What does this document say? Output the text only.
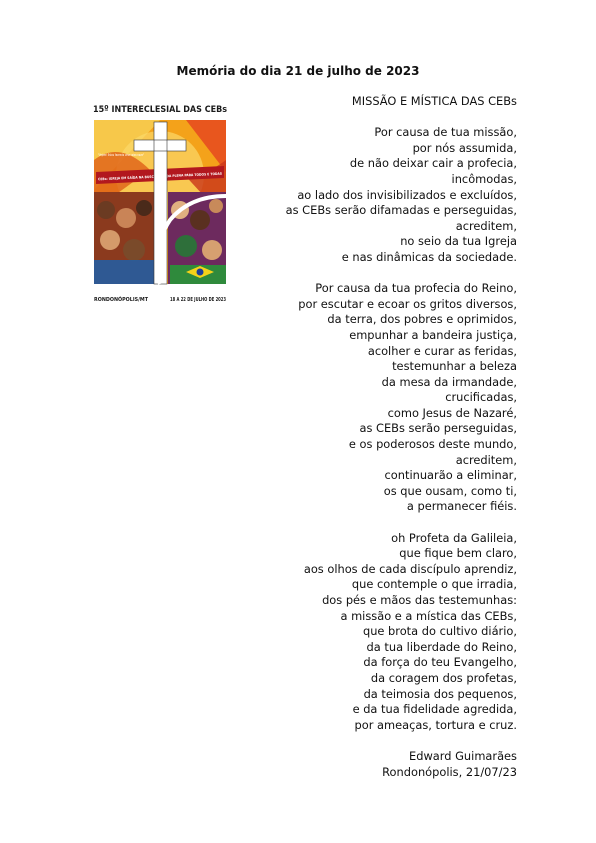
Memória do dia 21 de julho de 2023
15º INTERECLESIAL DAS CEBs
"Vejam! Estou fazendo uma coisa nova"
RONDONÓPOLIS/MT	18 A 22 DE JULHO DE 2023
MISSÃO E MÍSTICA DAS CEBs
Por causa de tua missão,
por nós assumida,
de não deixar cair a profecia,
incômodas,
ao lado dos invisibilizados e excluídos,
as CEBs serão difamadas e perseguidas,
acreditem,
no seio da tua Igreja
e nas dinâmicas da sociedade.
Por causa da tua profecia do Reino,
por escutar e ecoar os gritos diversos,
da terra, dos pobres e oprimidos,
empunhar a bandeira justiça,
acolher e curar as feridas,
testemunhar a beleza
da mesa da irmandade,
crucificadas,
como Jesus de Nazaré,
as CEBs serão perseguidas,
e os poderosos deste mundo,
acreditem,
continuarão a eliminar,
os que ousam, como ti,
a permanecer fiéis.
oh Profeta da Galileia,
que fique bem claro,
aos olhos de cada discípulo aprendiz,
que contemple o que irradia,
dos pés e mãos das testemunhas:
a missão e a mística das CEBs,
que brota do cultivo diário,
da tua liberdade do Reino,
da força do teu Evangelho,
da coragem dos profetas,
da teimosia dos pequenos,
e da tua fidelidade agredida,
por ameaças, tortura e cruz.
Edward Guimarães
Rondonópolis, 21/07/23
